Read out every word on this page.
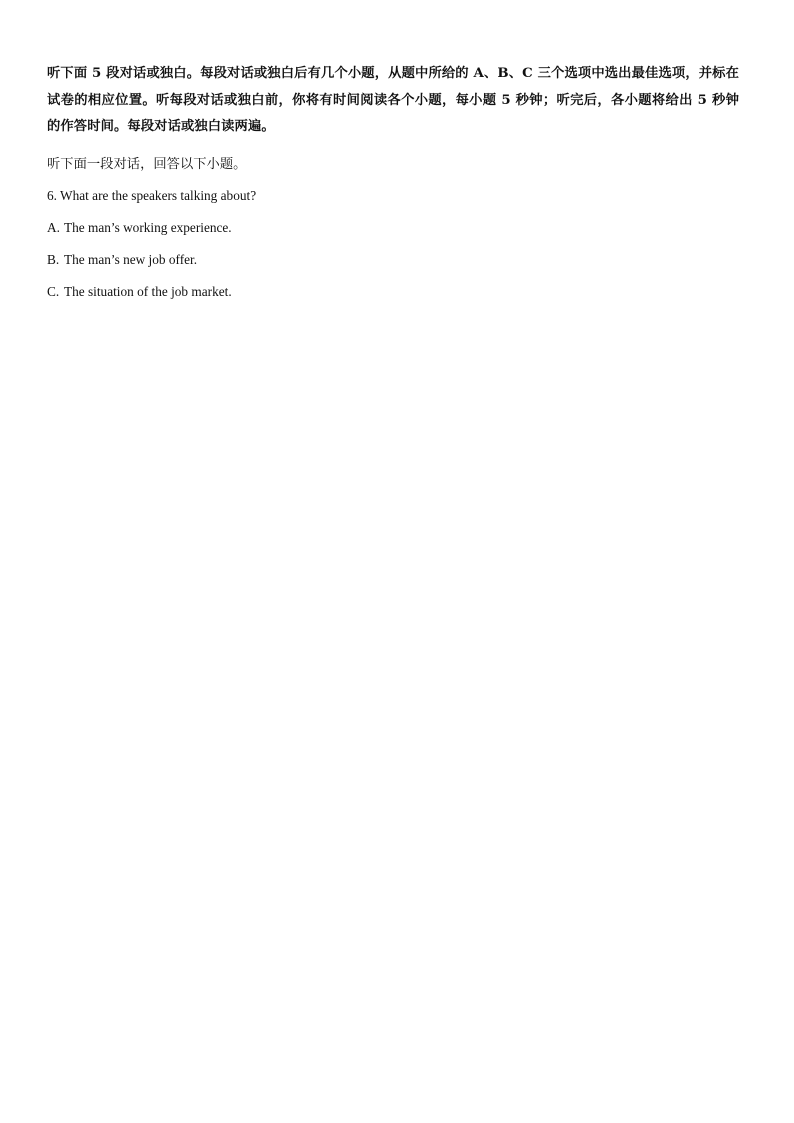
听下面 5 段对话或独白。每段对话或独白后有几个小题，从题中所给的 A、B、C 三个选项中选出最佳选项，并标在试卷的相应位置。听每段对话或独白前，你将有时间阅读各个小题，每小题 5 秒钟；听完后，各小题将给出 5 秒钟的作答时间。每段对话或独白读两遍。
听下面一段对话，回答以下小题。
6. What are the speakers talking about?
A. The man’s working experience.
B. The man’s new job offer.
C. The situation of the job market.
